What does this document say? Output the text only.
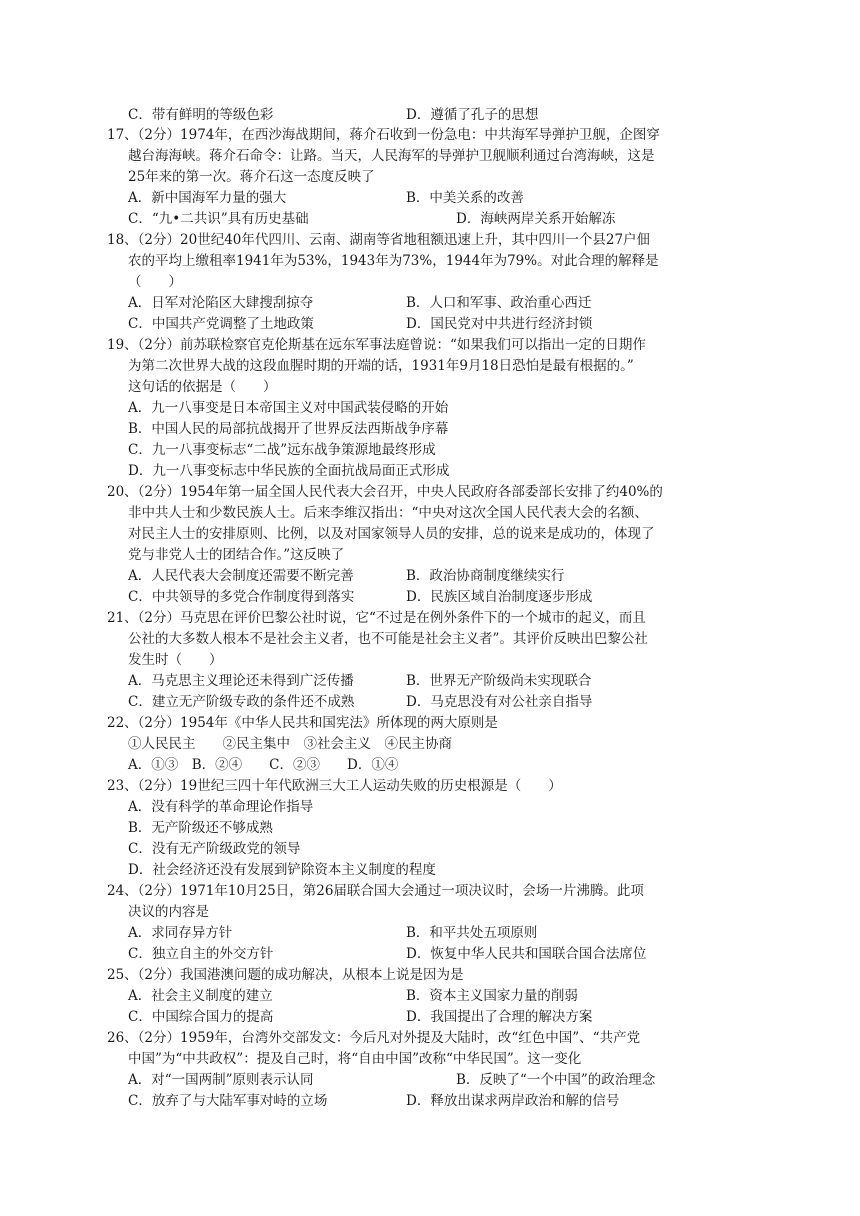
C．带有鲜明的等级色彩	D．遵循了孔子的思想
17、（2分）1974年，在西沙海战期间，蒋介石收到一份急电：中共海军导弹护卫舰，企图穿
越台海海峡。蒋介石命令：让路。当天，人民海军的导弹护卫舰顺利通过台湾海峡，这是
25年来的第一次。蒋介石这一态度反映了
A．新中国海军力量的强大	B．中美关系的改善
C．“九•二共识”具有历史基础	D．海峡两岸关系开始解冻
18、（2分）20世纪40年代四川、云南、湖南等省地租额迅速上升，其中四川一个县27户佃
农的平均上缴租率1941年为53%，1943年为73%，1944年为79%。对此合理的解释是
（　　）
A．日军对沦陷区大肆搜刮掠夺	B．人口和军事、政治重心西迁
C．中国共产党调整了土地政策	D．国民党对中共进行经济封锁
19、（2分）前苏联检察官克伦斯基在远东军事法庭曾说：“如果我们可以指出一定的日期作
为第二次世界大战的这段血腥时期的开端的话，1931年9月18日恐怕是最有根据的。”
这句话的依据是（　　）
A．九一八事变是日本帝国主义对中国武装侵略的开始
B．中国人民的局部抗战揭开了世界反法西斯战争序幕
C．九一八事变标志“二战”远东战争策源地最终形成
D．九一八事变标志中华民族的全面抗战局面正式形成
20、（2分）1954年第一届全国人民代表大会召开，中央人民政府各部委部长安排了约40%的
非中共人士和少数民族人士。后来李维汉指出：“中央对这次全国人民代表大会的名额、
对民主人士的安排原则、比例，以及对国家领导人员的安排，总的说来是成功的，体现了
党与非党人士的团结合作。”这反映了
A．人民代表大会制度还需要不断完善	B．政治协商制度继续实行
C．中共领导的多党合作制度得到落实	D．民族区域自治制度逐步形成
21、（2分）马克思在评价巴黎公社时说，它“不过是在例外条件下的一个城市的起义，而且
公社的大多数人根本不是社会主义者，也不可能是社会主义者”。其评价反映出巴黎公社
发生时（　　）
A．马克思主义理论还未得到广泛传播	B．世界无产阶级尚未实现联合
C．建立无产阶级专政的条件还不成熟	D．马克思没有对公社亲自指导
22、（2分）1954年《中华人民共和国宪法》所体现的两大原则是
①人民民主　　②民主集中　③社会主义　④民主协商
A．①③　B．②④　　C．②③　　D．①④
23、（2分）19世纪三四十年代欧洲三大工人运动失败的历史根源是（　　）
A．没有科学的革命理论作指导
B．无产阶级还不够成熟
C．没有无产阶级政党的领导
D．社会经济还没有发展到铲除资本主义制度的程度
24、（2分）1971年10月25日，第26届联合国大会通过一项决议时，会场一片沸腾。此项
决议的内容是
A．求同存异方针	B．和平共处五项原则
C．独立自主的外交方针	D．恢复中华人民共和国联合国合法席位
25、（2分）我国港澳问题的成功解决，从根本上说是因为是
A．社会主义制度的建立	B．资本主义国家力量的削弱
C．中国综合国力的提高	D．我国提出了合理的解决方案
26、（2分）1959年，台湾外交部发文：今后凡对外提及大陆时，改“红色中国”、“共产党
中国”为“中共政权”：提及自己时，将“自由中国”改称“中华民国”。这一变化
A．对“一国两制”原则表示认同	B．反映了“一个中国”的政治理念
C．放弃了与大陆军事对峙的立场	D．释放出谋求两岸政治和解的信号
